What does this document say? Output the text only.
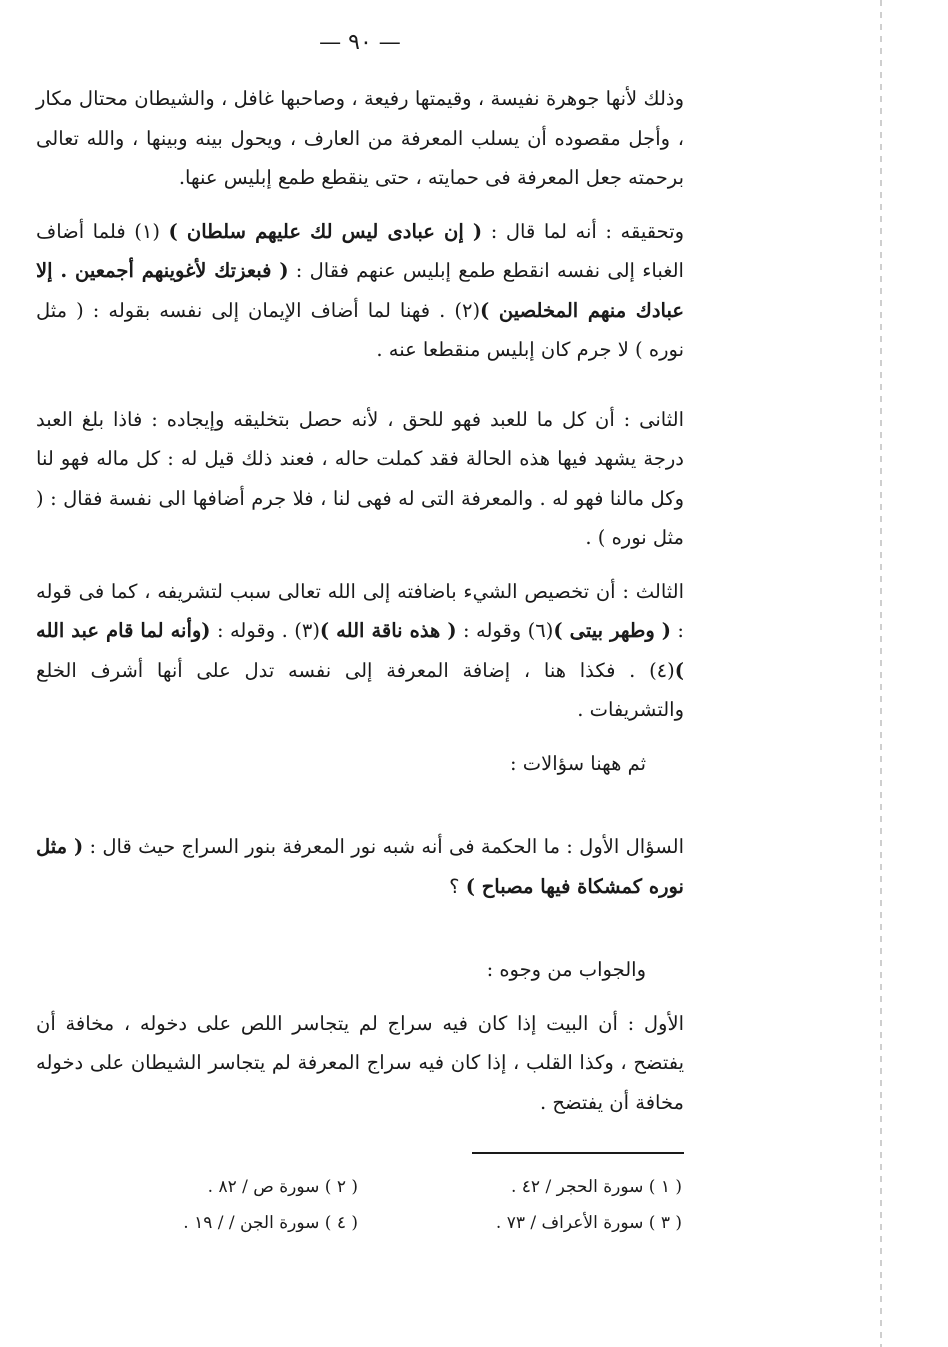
— ٩٠ —

وذلك لأنها جوهرة نفيسة ، وقيمتها رفيعة ، وصاحبها غافل ، والشيطان محتال مكار ، وأجل مقصوده أن يسلب المعرفة من العارف ، ويحول بينه وبينها ، والله تعالى برحمته جعل المعرفة فى حمايته ، حتى ينقطع طمع إبليس عنها.

وتحقيقه : أنه لما قال : ( إن عبادى ليس لك عليهم سلطان ) (١) فلما أضاف الغباء إلى نفسه انقطع طمع إبليس عنهم فقال : ( فبعزتك لأغوينهم أجمعين . إلا عبادك منهم المخلصين )(٢) . فهنا لما أضاف الإيمان إلى نفسه بقوله : ( مثل نوره ) لا جرم كان إبليس منقطعا عنه .

الثانى : أن كل ما للعبد فهو للحق ، لأنه حصل بتخليقه وإيجاده : فاذا بلغ العبد درجة يشهد فيها هذه الحالة فقد كملت حاله ، فعند ذلك قيل له : كل ماله فهو لنا وكل مالنا فهو له . والمعرفة التى له فهى لنا ، فلا جرم أضافها الى نفسة فقال : ( مثل نوره ) .

الثالث : أن تخصيص الشيء باضافته إلى الله تعالى سبب لتشريفه ، كما فى قوله : ( وطهر بيتى )(٦) وقوله : ( هذه ناقة الله )(٣) . وقوله : (وأنه لما قام عبد الله )(٤) . فكذا هنا ، إضافة المعرفة إلى نفسه تدل على أنها أشرف الخلع والتشريفات .

ثم ههنا سؤالات :

السؤال الأول : ما الحكمة فى أنه شبه نور المعرفة بنور السراج حيث قال : ( مثل نوره كمشكاة فيها مصباح ) ؟

والجواب من وجوه :

الأول : أن البيت إذا كان فيه سراج لم يتجاسر اللص على دخوله ، مخافة أن يفتضح ، وكذا القلب ، إذا كان فيه سراج المعرفة لم يتجاسر الشيطان على دخوله مخافة أن يفتضح .

( ١ ) سورة الحجر / ٤٢ .
( ٢ ) سورة ص / ٨٢ .
( ٣ ) سورة الأعراف / ٧٣ .
( ٤ ) سورة الجن / / ١٩ .
